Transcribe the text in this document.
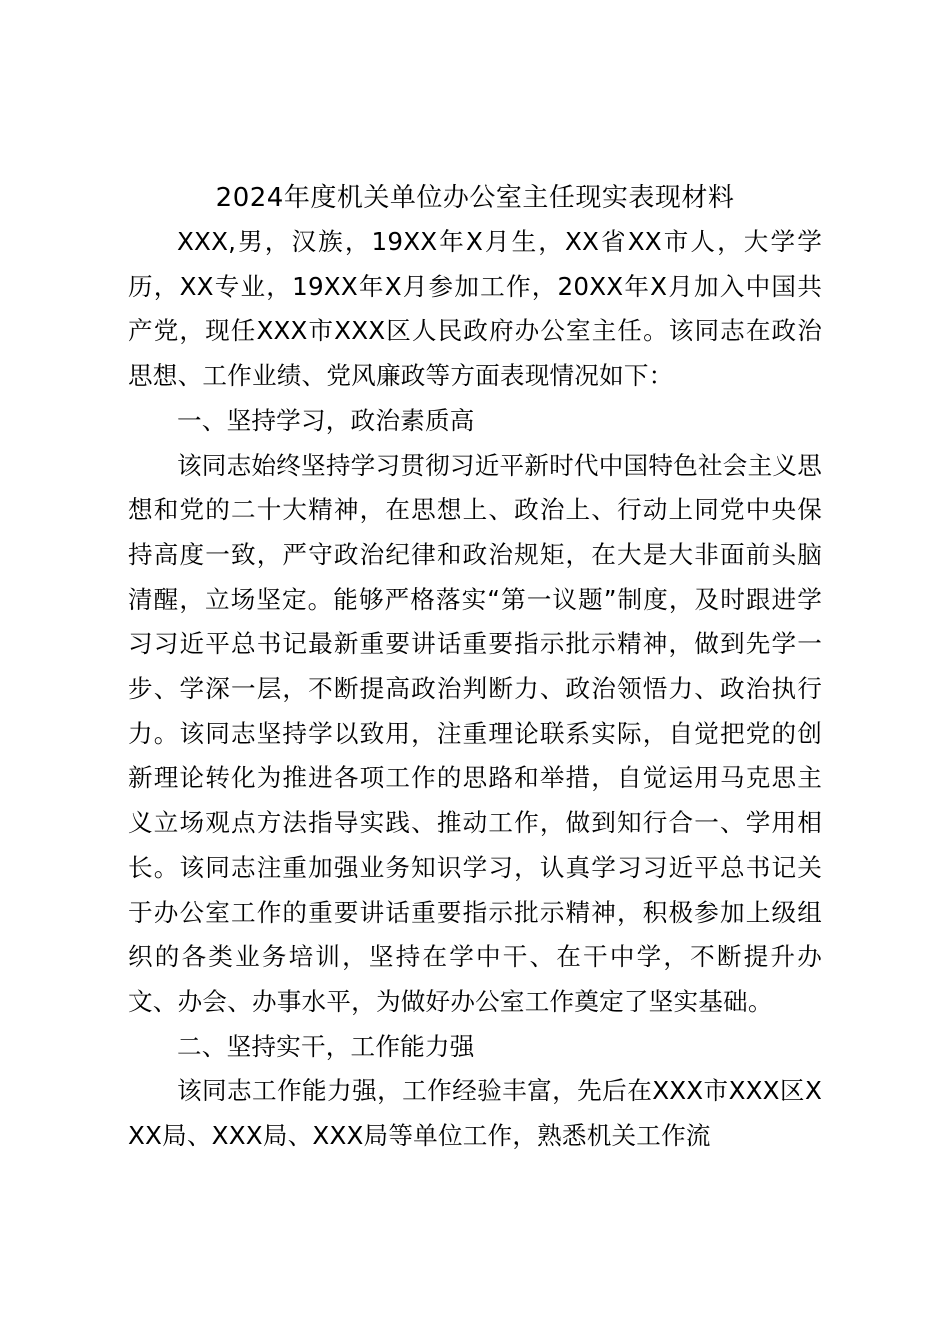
2024年度机关单位办公室主任现实表现材料

XXX,男，汉族，19XX年X月生，XX省XX市人，大学学历，XX专业，19XX年X月参加工作，20XX年X月加入中国共产党，现任XXX市XXX区人民政府办公室主任。该同志在政治思想、工作业绩、党风廉政等方面表现情况如下：

一、坚持学习，政治素质高

该同志始终坚持学习贯彻习近平新时代中国特色社会主义思想和党的二十大精神，在思想上、政治上、行动上同党中央保持高度一致，严守政治纪律和政治规矩，在大是大非面前头脑清醒，立场坚定。能够严格落实“第一议题”制度，及时跟进学习习近平总书记最新重要讲话重要指示批示精神，做到先学一步、学深一层，不断提高政治判断力、政治领悟力、政治执行力。该同志坚持学以致用，注重理论联系实际，自觉把党的创新理论转化为推进各项工作的思路和举措，自觉运用马克思主义立场观点方法指导实践、推动工作，做到知行合一、学用相长。该同志注重加强业务知识学习，认真学习习近平总书记关于办公室工作的重要讲话重要指示批示精神，积极参加上级组织的各类业务培训，坚持在学中干、在干中学，不断提升办文、办会、办事水平，为做好办公室工作奠定了坚实基础。

二、坚持实干，工作能力强

该同志工作能力强，工作经验丰富，先后在XXX市XXX区XXX局、XXX局、XXX局等单位工作，熟悉机关工作流
